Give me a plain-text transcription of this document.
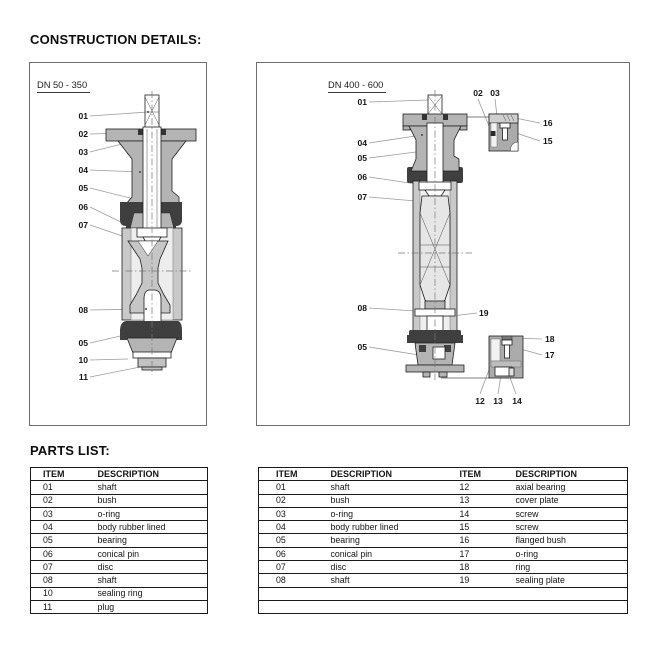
CONSTRUCTION DETAILS:
DN 50 - 350
01
02
03
04
05
06
07
08
05
10
11
DN 400 - 600
01
04
05
06
07
08
05
02 03
12 13 14
16
15
19
18
17
PARTS LIST:
ITEM	DESCRIPTION
01	shaft
02	bush
03	o-ring
04	body rubber lined
05	bearing
06	conical pin
07	disc
08	shaft
10	sealing ring
11	plug
ITEM	DESCRIPTION	ITEM	DESCRIPTION
01	shaft	12	axial bearing
02	bush	13	cover plate
03	o-ring	14	screw
04	body rubber lined	15	screw
05	bearing	16	flanged bush
06	conical pin	17	o-ring
07	disc	18	ring
08	shaft	19	sealing plate
